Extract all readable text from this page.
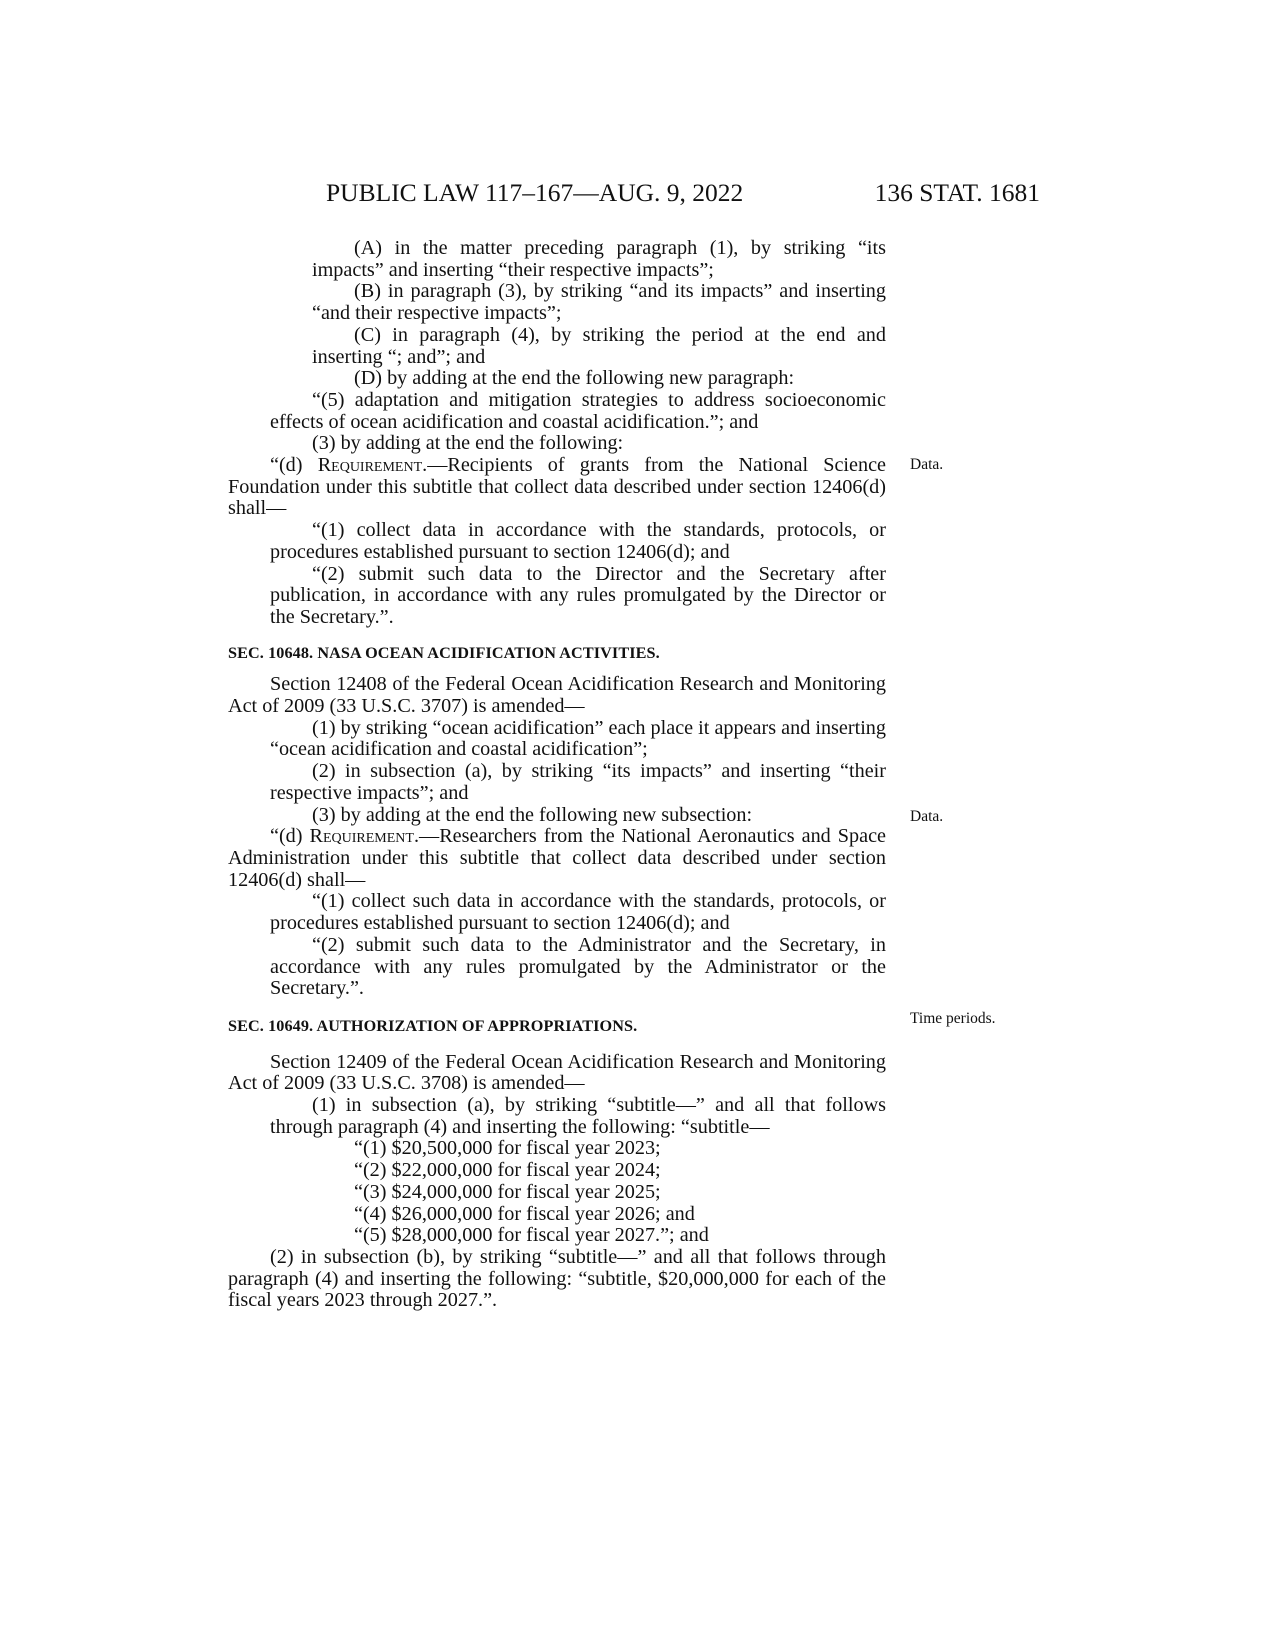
PUBLIC LAW 117–167—AUG. 9, 2022	136 STAT. 1681
Data.
Data.
Time periods.

(A) in the matter preceding paragraph (1), by striking “its impacts” and inserting “their respective impacts”;

(B) in paragraph (3), by striking “and its impacts” and inserting “and their respective impacts”;

(C) in paragraph (4), by striking the period at the end and inserting “; and”; and

(D) by adding at the end the following new paragraph:

“(5) adaptation and mitigation strategies to address socioeconomic effects of ocean acidification and coastal acidification.”; and

(3) by adding at the end the following:

“(d) Requirement.—Recipients of grants from the National Science Foundation under this subtitle that collect data described under section 12406(d) shall—

“(1) collect data in accordance with the standards, protocols, or procedures established pursuant to section 12406(d); and

“(2) submit such data to the Director and the Secretary after publication, in accordance with any rules promulgated by the Director or the Secretary.”.

SEC. 10648. NASA OCEAN ACIDIFICATION ACTIVITIES.

Section 12408 of the Federal Ocean Acidification Research and Monitoring Act of 2009 (33 U.S.C. 3707) is amended—

(1) by striking “ocean acidification” each place it appears and inserting “ocean acidification and coastal acidification”;

(2) in subsection (a), by striking “its impacts” and inserting “their respective impacts”; and

(3) by adding at the end the following new subsection:

“(d) Requirement.—Researchers from the National Aeronautics and Space Administration under this subtitle that collect data described under section 12406(d) shall—

“(1) collect such data in accordance with the standards, protocols, or procedures established pursuant to section 12406(d); and

“(2) submit such data to the Administrator and the Secretary, in accordance with any rules promulgated by the Administrator or the Secretary.”.

SEC. 10649. AUTHORIZATION OF APPROPRIATIONS.

Section 12409 of the Federal Ocean Acidification Research and Monitoring Act of 2009 (33 U.S.C. 3708) is amended—

(1) in subsection (a), by striking “subtitle—” and all that follows through paragraph (4) and inserting the following: “subtitle—

“(1) $20,500,000 for fiscal year 2023;

“(2) $22,000,000 for fiscal year 2024;

“(3) $24,000,000 for fiscal year 2025;

“(4) $26,000,000 for fiscal year 2026; and

“(5) $28,000,000 for fiscal year 2027.”; and

(2) in subsection (b), by striking “subtitle—” and all that follows through paragraph (4) and inserting the following: “subtitle, $20,000,000 for each of the fiscal years 2023 through 2027.”.
